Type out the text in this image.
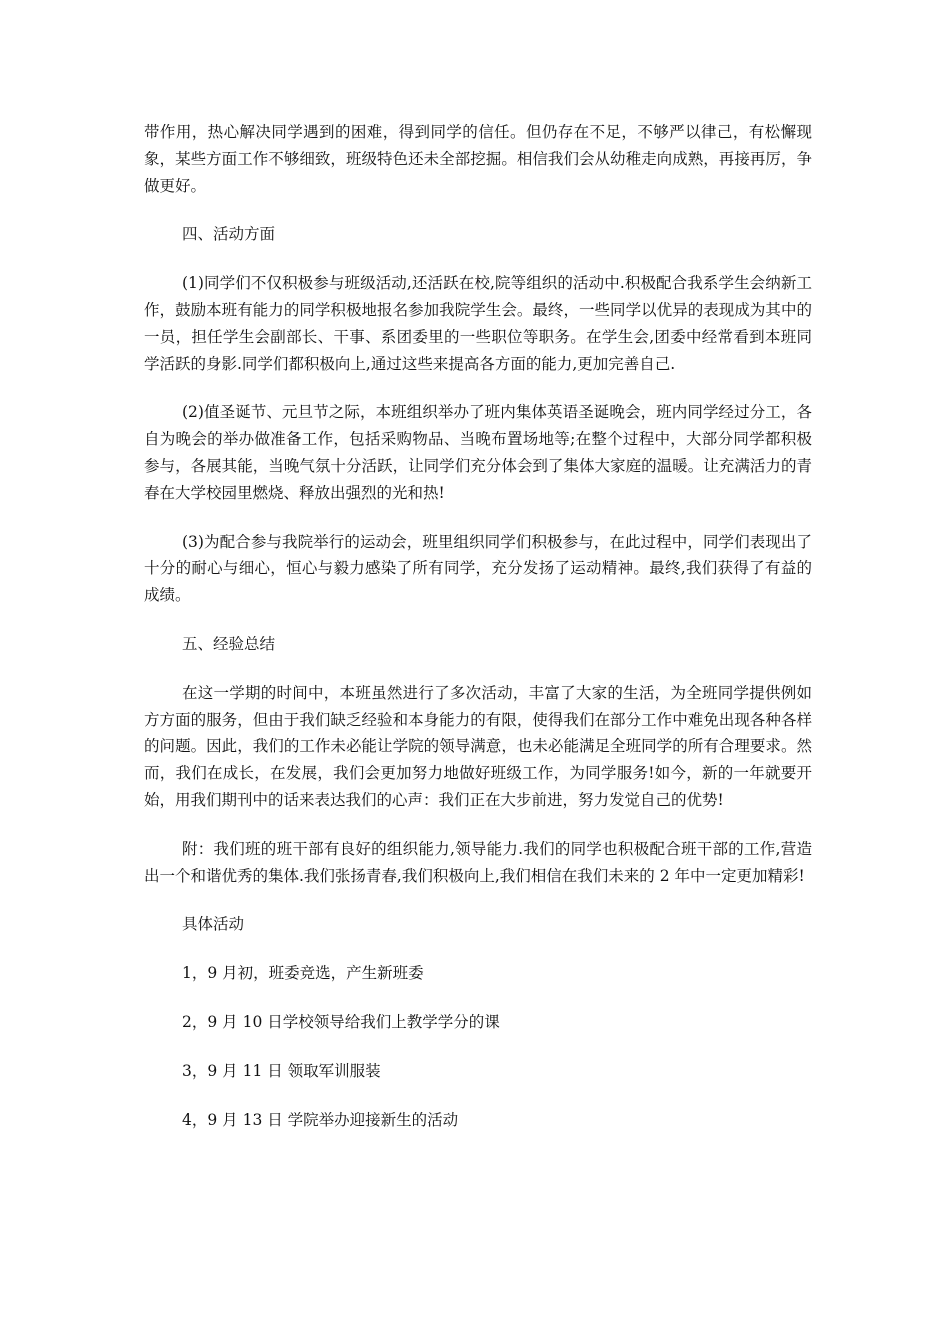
带作用，热心解决同学遇到的困难，得到同学的信任。但仍存在不足，不够严以律己，有松懈现象，某些方面工作不够细致，班级特色还未全部挖掘。相信我们会从幼稚走向成熟，再接再厉，争做更好。

四、活动方面

(1)同学们不仅积极参与班级活动,还活跃在校,院等组织的活动中.积极配合我系学生会纳新工作，鼓励本班有能力的同学积极地报名参加我院学生会。最终，一些同学以优异的表现成为其中的一员，担任学生会副部长、干事、系团委里的一些职位等职务。在学生会,团委中经常看到本班同学活跃的身影.同学们都积极向上,通过这些来提高各方面的能力,更加完善自己.

(2)值圣诞节、元旦节之际，本班组织举办了班内集体英语圣诞晚会，班内同学经过分工，各自为晚会的举办做准备工作，包括采购物品、当晚布置场地等;在整个过程中，大部分同学都积极参与，各展其能，当晚气氛十分活跃，让同学们充分体会到了集体大家庭的温暖。让充满活力的青春在大学校园里燃烧、释放出强烈的光和热!

(3)为配合参与我院举行的运动会，班里组织同学们积极参与，在此过程中，同学们表现出了十分的耐心与细心，恒心与毅力感染了所有同学，充分发扬了运动精神。最终,我们获得了有益的成绩。

五、经验总结

在这一学期的时间中，本班虽然进行了多次活动，丰富了大家的生活，为全班同学提供例如方方面的服务，但由于我们缺乏经验和本身能力的有限，使得我们在部分工作中难免出现各种各样的问题。因此，我们的工作未必能让学院的领导满意，也未必能满足全班同学的所有合理要求。然而，我们在成长，在发展，我们会更加努力地做好班级工作，为同学服务!如今，新的一年就要开始，用我们期刊中的话来表达我们的心声：我们正在大步前进，努力发觉自己的优势!

附：我们班的班干部有良好的组织能力,领导能力.我们的同学也积极配合班干部的工作,营造出一个和谐优秀的集体.我们张扬青春,我们积极向上,我们相信在我们未来的 2 年中一定更加精彩!

具体活动
1，9 月初，班委竞选，产生新班委
2，9 月 10 日学校领导给我们上教学学分的课
3，9 月 11 日 领取军训服装
4，9 月 13 日 学院举办迎接新生的活动
